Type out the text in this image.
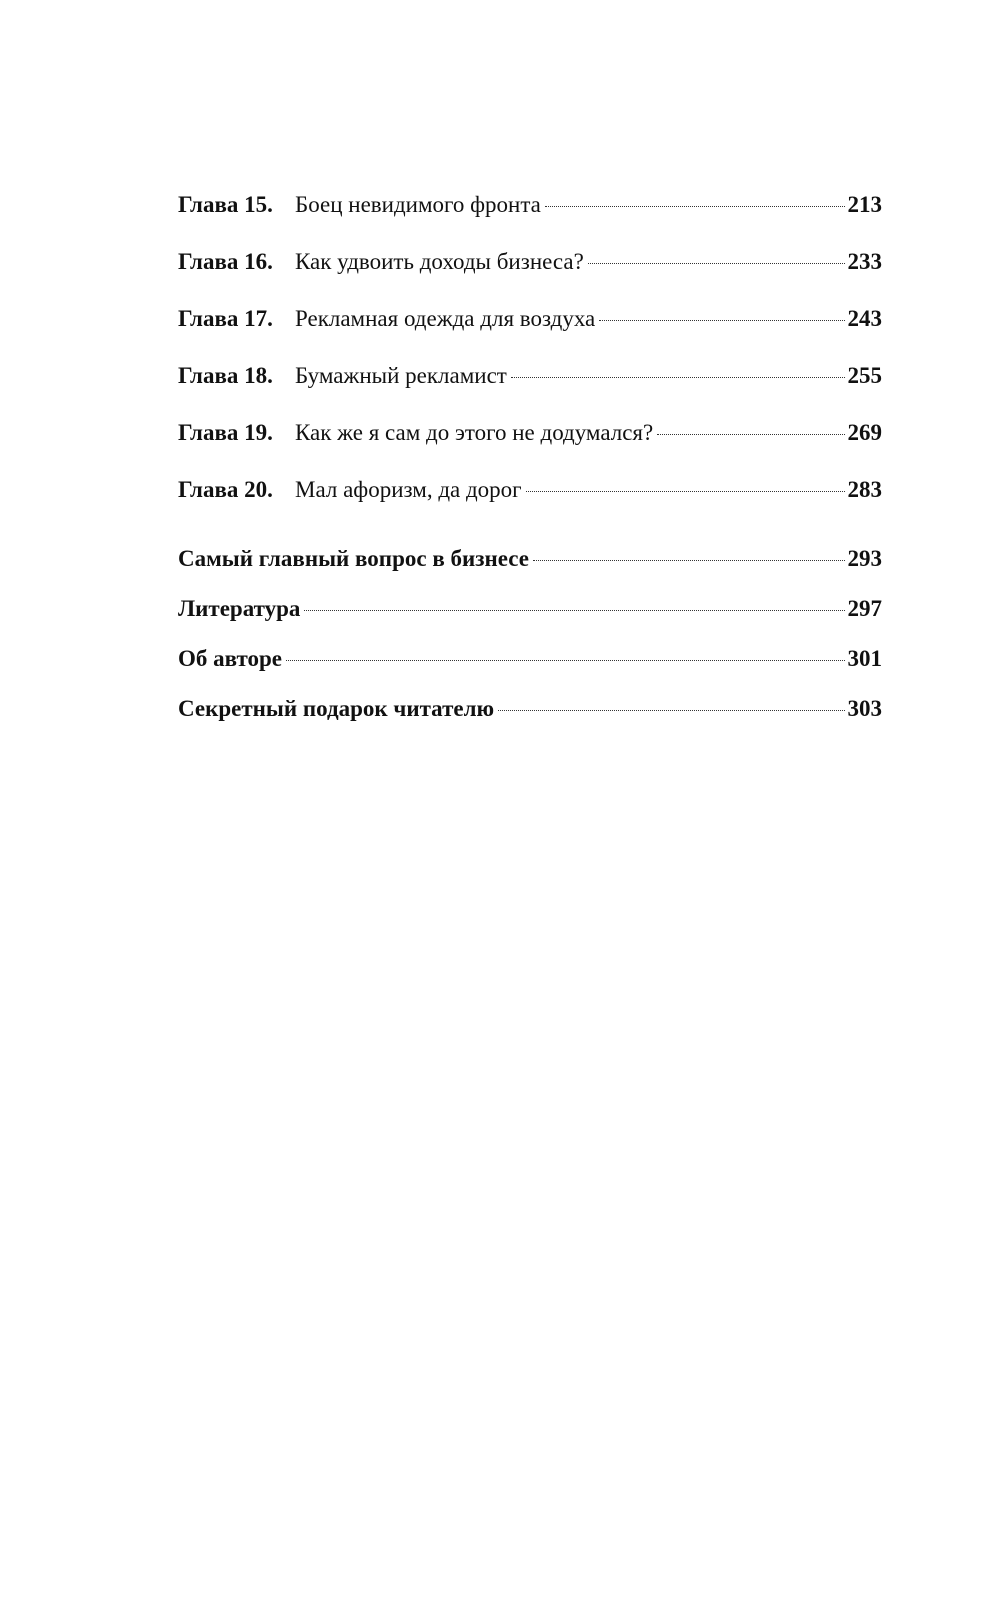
Глава 15. Боец невидимого фронта	213
Глава 16. Как удвоить доходы бизнеса?	233
Глава 17. Рекламная одежда для воздуха	243
Глава 18. Бумажный рекламист	255
Глава 19. Как же я сам до этого не додумался?	269
Глава 20. Мал афоризм, да дорог	283
Самый главный вопрос в бизнесе	293
Литература	297
Об авторе	301
Секретный подарок читателю	303
